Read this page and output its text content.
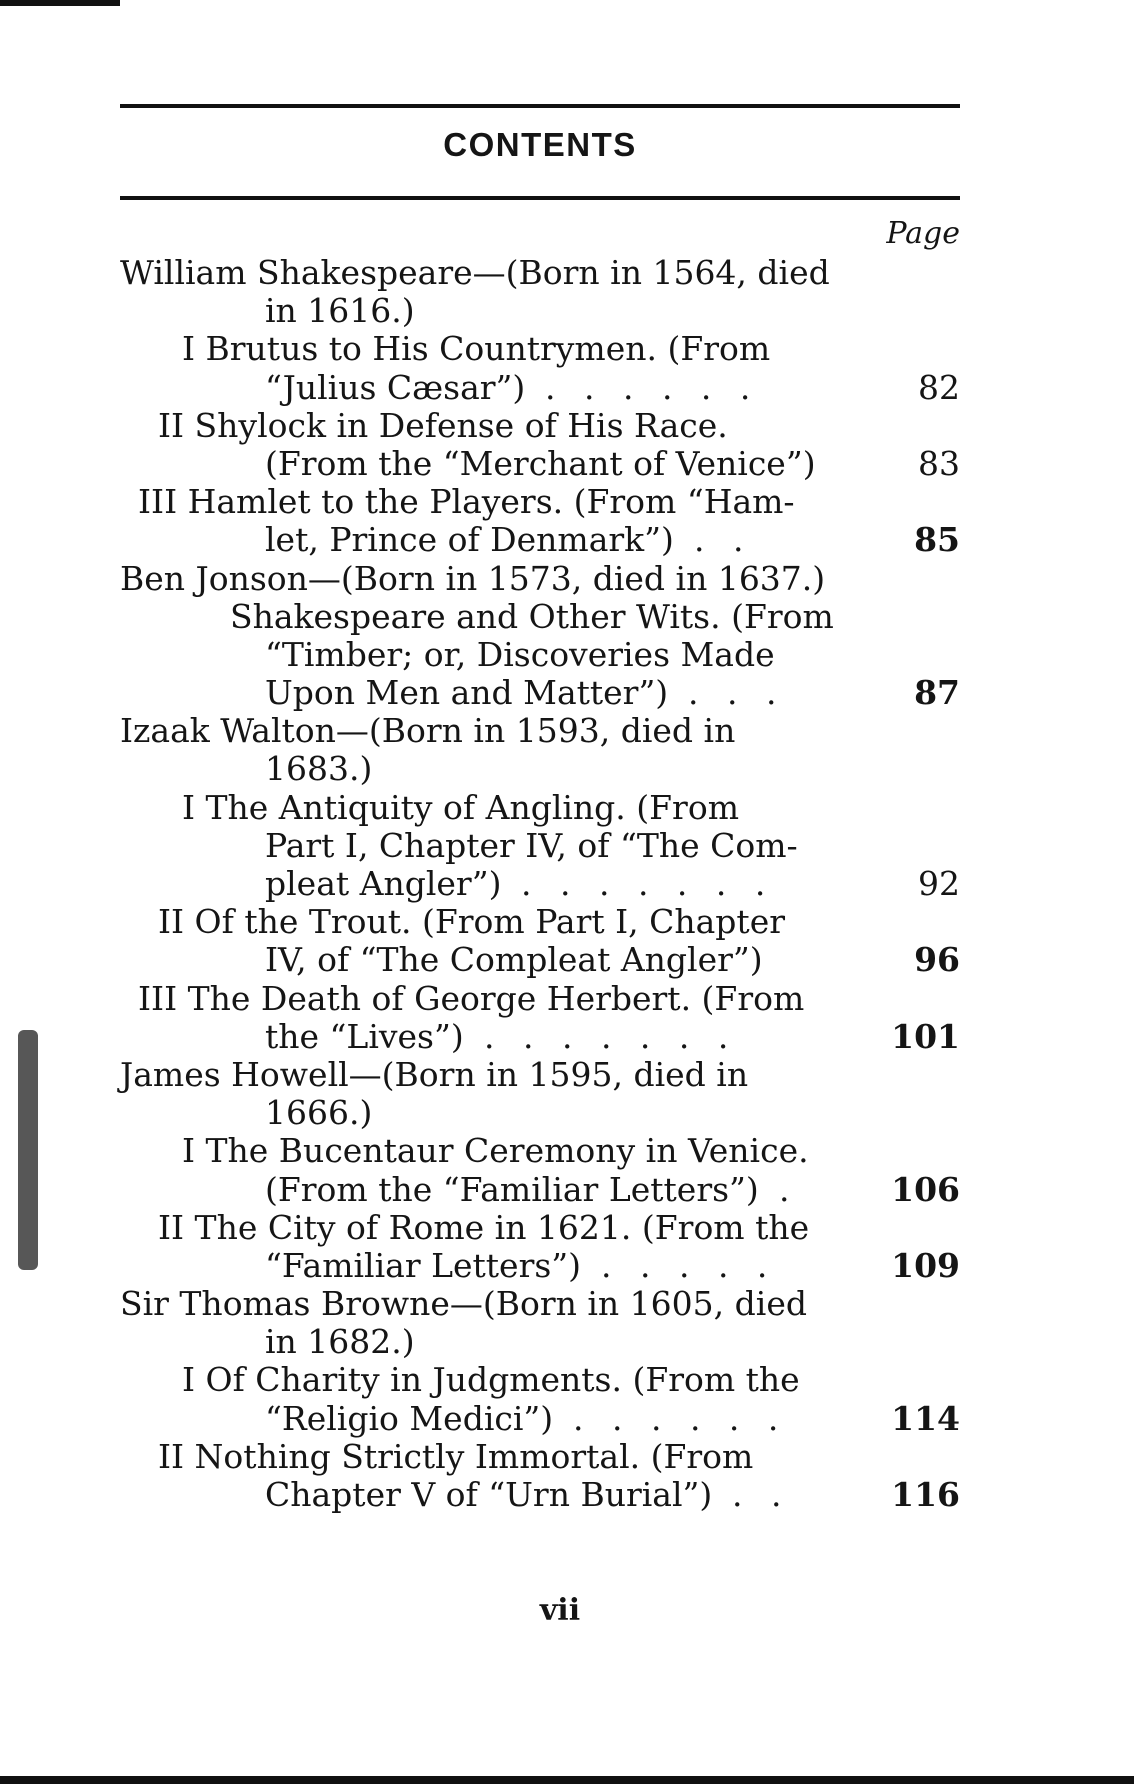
CONTENTS
Page
William Shakespeare—(Born in 1564, died
in 1616.)
I Brutus to His Countrymen. (From
“Julius Cæsar”) . . . . . .	82
II Shylock in Defense of His Race.
(From the “Merchant of Venice”)	83
III Hamlet to the Players. (From “Ham-
let, Prince of Denmark”) . .	85
Ben Jonson—(Born in 1573, died in 1637.)
Shakespeare and Other Wits. (From
“Timber; or, Discoveries Made
Upon Men and Matter”) . . .	87
Izaak Walton—(Born in 1593, died in
1683.)
I The Antiquity of Angling. (From
Part I, Chapter IV, of “The Com-
pleat Angler”) . . . . . . .	92
II Of the Trout. (From Part I, Chapter
IV, of “The Compleat Angler”)	96
III The Death of George Herbert. (From
the “Lives”) . . . . . . .	101
James Howell—(Born in 1595, died in
1666.)
I The Bucentaur Ceremony in Venice.
(From the “Familiar Letters”) .	106
II The City of Rome in 1621. (From the
“Familiar Letters”) . . . . .	109
Sir Thomas Browne—(Born in 1605, died
in 1682.)
I Of Charity in Judgments. (From the
“Religio Medici”) . . . . . .	114
II Nothing Strictly Immortal. (From
Chapter V of “Urn Burial”) . .	116
vii
